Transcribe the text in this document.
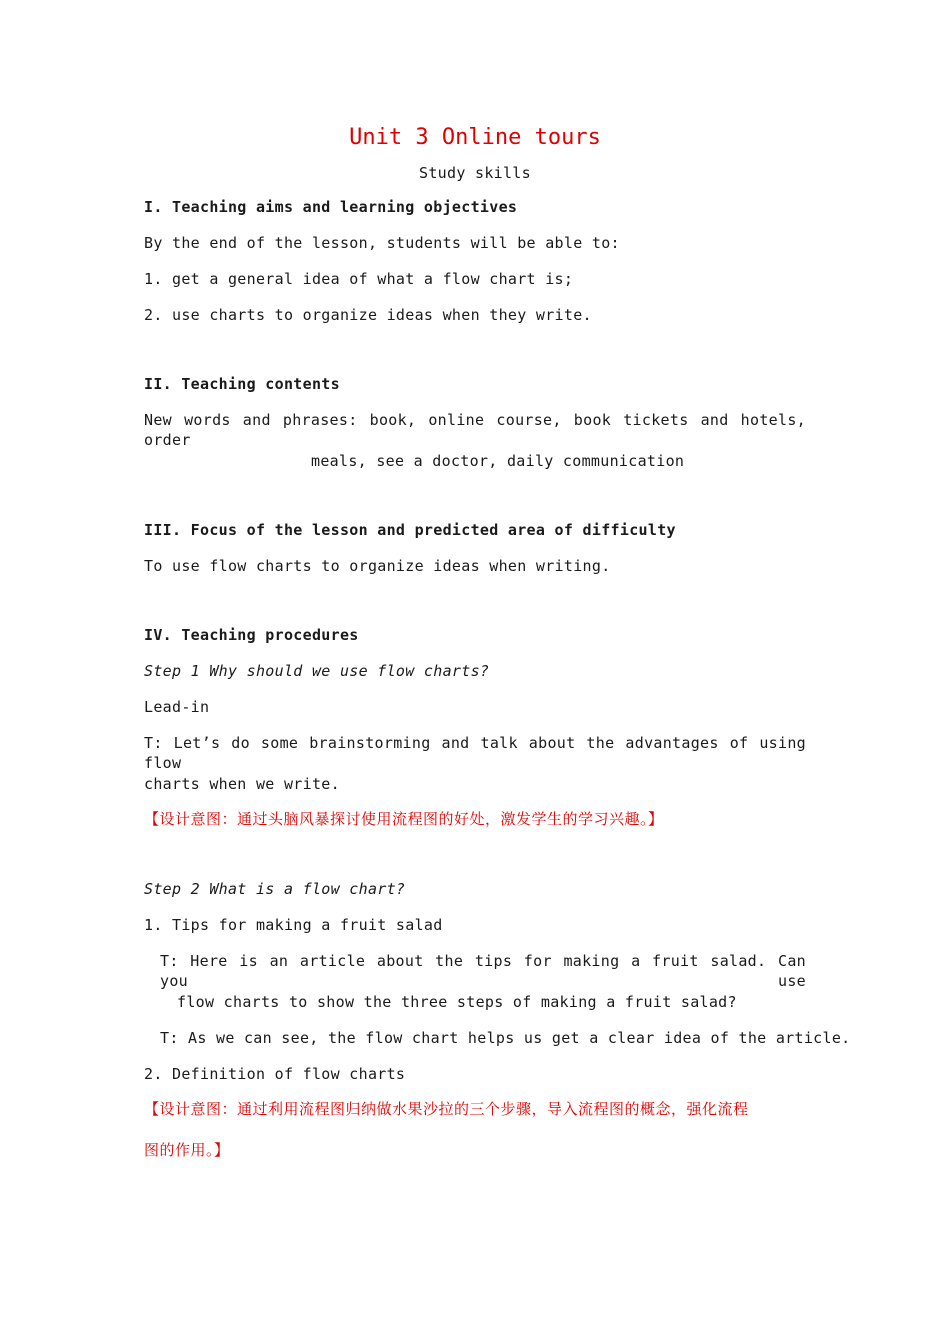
Unit 3 Online tours
Study skills
I. Teaching aims and learning objectives
By the end of the lesson, students will be able to:
1. get a general idea of what a flow chart is;
2. use charts to organize ideas when they write.
II. Teaching contents
New words and phrases: book, online course, book tickets and hotels, order
meals, see a doctor, daily communication
III. Focus of the lesson and predicted area of difficulty
To use flow charts to organize ideas when writing.
IV. Teaching procedures
Step 1 Why should we use flow charts?
Lead-in
T: Let’s do some brainstorming and talk about the advantages of using flow
charts when we write.
【设计意图：通过头脑风暴探讨使用流程图的好处，激发学生的学习兴趣。】
Step 2 What is a flow chart?
1. Tips for making a fruit salad
T: Here is an article about the tips for making a fruit salad. Can you use
flow charts to show the three steps of making a fruit salad?
T: As we can see, the flow chart helps us get a clear idea of the article.
2. Definition of flow charts
【设计意图：通过利用流程图归纳做水果沙拉的三个步骤，导入流程图的概念，强化流程
图的作用。】
